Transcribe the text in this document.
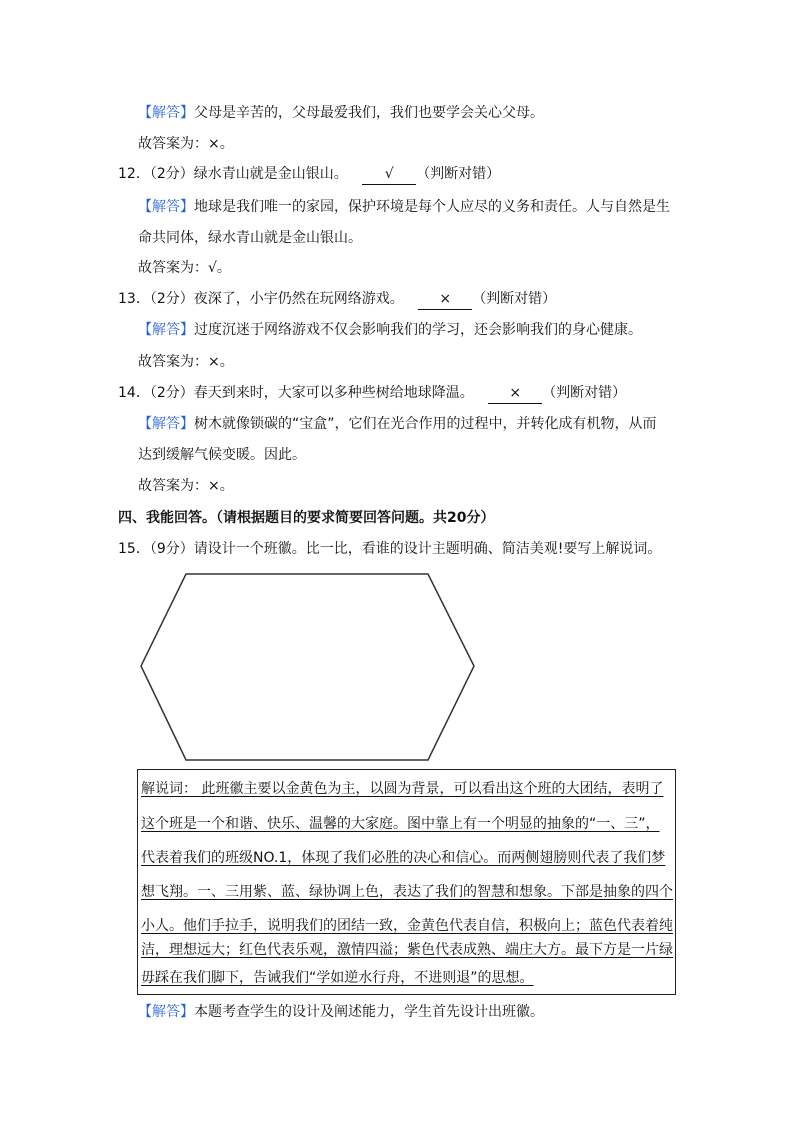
【解答】父母是辛苦的，父母最爱我们，我们也要学会关心父母。
故答案为：×。
12．（2分）绿水青山就是金山银山。	√ （判断对错）
【解答】地球是我们唯一的家园，保护环境是每个人应尽的义务和责任。人与自然是生
命共同体，绿水青山就是金山银山。
故答案为：√。
13．（2分）夜深了，小宇仍然在玩网络游戏。	× （判断对错）
【解答】过度沉迷于网络游戏不仅会影响我们的学习，还会影响我们的身心健康。
故答案为：×。
14．（2分）春天到来时，大家可以多种些树给地球降温。	× （判断对错）
【解答】树木就像锁碳的“宝盒”，它们在光合作用的过程中，并转化成有机物，从而
达到缓解气候变暖。因此。
故答案为：×。
四、我能回答。（请根据题目的要求简要回答问题。共20分）
15．（9分）请设计一个班徽。比一比，看谁的设计主题明确、简洁美观!要写上解说词。
解说词： 此班徽主要以金黄色为主，以圆为背景，可以看出这个班的大团结，表明了
这个班是一个和谐、快乐、温馨的大家庭。图中靠上有一个明显的抽象的“一、三”，
代表着我们的班级NO.1，体现了我们必胜的决心和信心。而两侧翅膀则代表了我们梦
想飞翔。一、三用紫、蓝、绿协调上色，表达了我们的智慧和想象。下部是抽象的四个
小人。他们手拉手，说明我们的团结一致，金黄色代表自信，积极向上；蓝色代表着纯
洁，理想远大；红色代表乐观，激情四溢；紫色代表成熟、端庄大方。最下方是一片绿
毋踩在我们脚下，告诫我们“学如逆水行舟，不进则退”的思想。
【解答】本题考查学生的设计及阐述能力，学生首先设计出班徽。
